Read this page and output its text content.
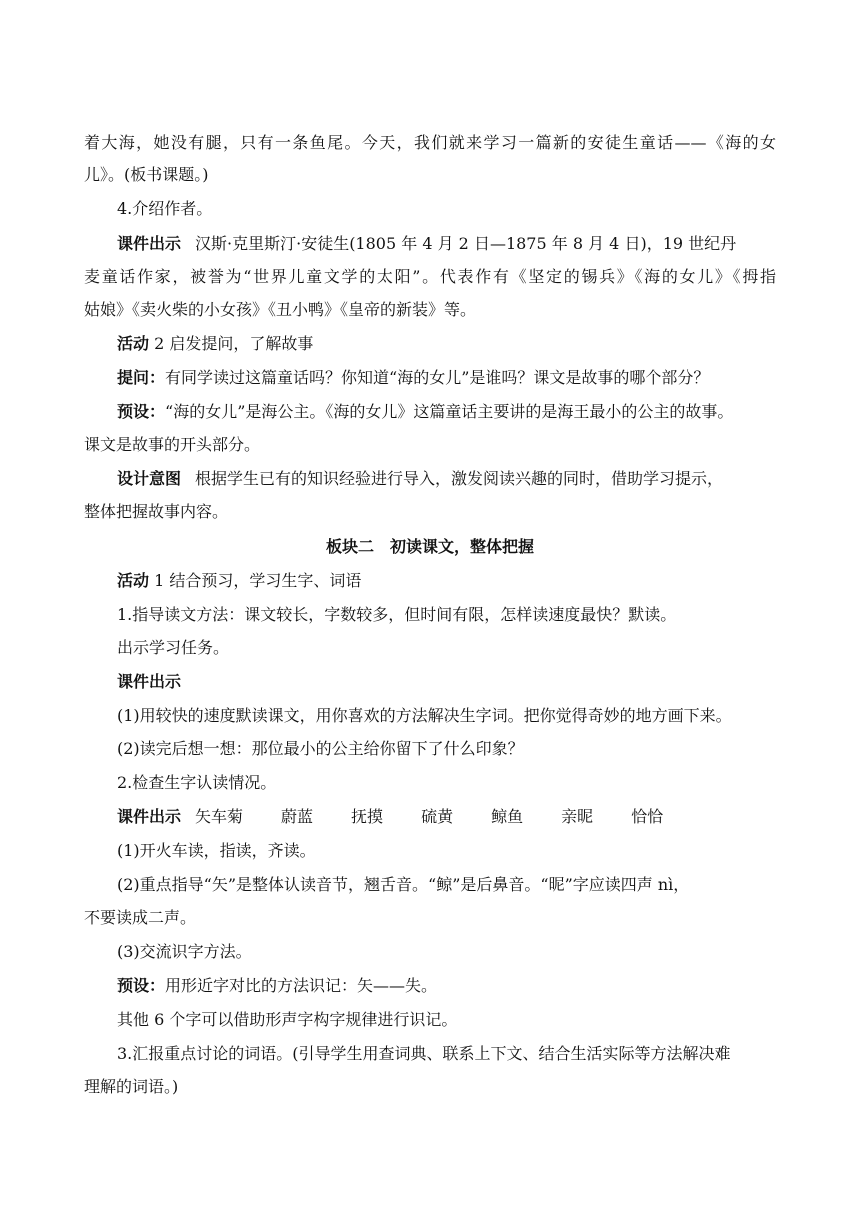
着大海，她没有腿，只有一条鱼尾。今天，我们就来学习一篇新的安徒生童话——《海的女
儿》。(板书课题。)
4.介绍作者。
课件出示 汉斯·克里斯汀·安徒生(1805 年 4 月 2 日—1875 年 8 月 4 日)，19 世纪丹
麦童话作家，被誉为“世界儿童文学的太阳”。代表作有《坚定的锡兵》《海的女儿》《拇指
姑娘》《卖火柴的小女孩》《丑小鸭》《皇帝的新装》等。
活动 2 启发提问，了解故事
提问：有同学读过这篇童话吗？你知道“海的女儿”是谁吗？课文是故事的哪个部分？
预设：“海的女儿”是海公主。《海的女儿》这篇童话主要讲的是海王最小的公主的故事。
课文是故事的开头部分。
设计意图 根据学生已有的知识经验进行导入，激发阅读兴趣的同时，借助学习提示，
整体把握故事内容。
板块二　初读课文，整体把握
活动 1 结合预习，学习生字、词语
1.指导读文方法：课文较长，字数较多，但时间有限，怎样读速度最快？默读。
出示学习任务。
课件出示
(1)用较快的速度默读课文，用你喜欢的方法解决生字词。把你觉得奇妙的地方画下来。
(2)读完后想一想：那位最小的公主给你留下了什么印象？
2.检查生字认读情况。
课件出示 矢车菊 蔚蓝 抚摸 硫黄 鲸鱼 亲昵 恰恰
(1)开火车读，指读，齐读。
(2)重点指导“矢”是整体认读音节，翘舌音。“鲸”是后鼻音。“昵”字应读四声 nì，
不要读成二声。
(3)交流识字方法。
预设：用形近字对比的方法识记：矢——失。
其他 6 个字可以借助形声字构字规律进行识记。
3.汇报重点讨论的词语。(引导学生用查词典、联系上下文、结合生活实际等方法解决难
理解的词语。)
